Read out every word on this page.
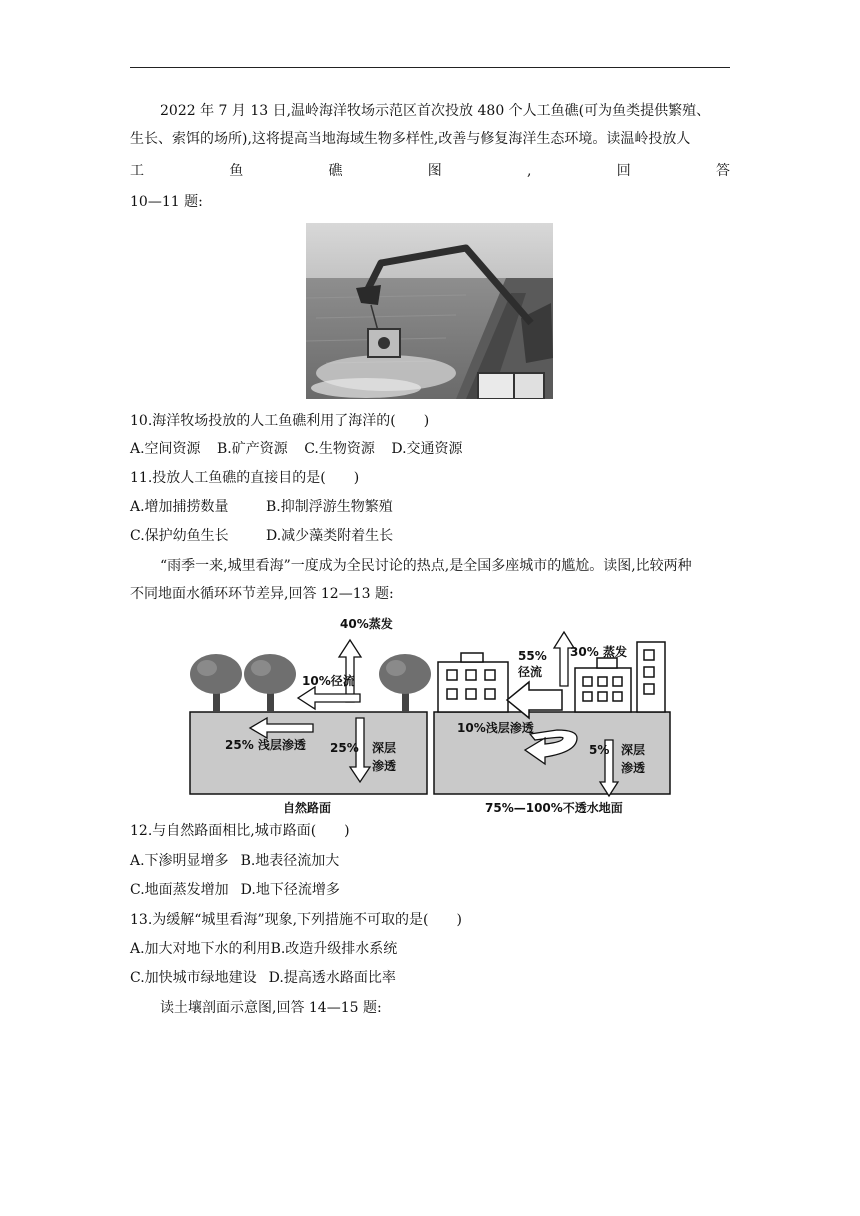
2022 年 7 月 13 日,温岭海洋牧场示范区首次投放 480 个人工鱼礁(可为鱼类提供繁殖、
生长、索饵的场所),这将提高当地海域生物多样性,改善与修复海洋生态环境。读温岭投放人
工	鱼	礁	图	,	回	答
10—11 题:
10.海洋牧场投放的人工鱼礁利用了海洋的(　　)
A.空间资源 B.矿产资源 C.生物资源 D.交通资源
11.投放人工鱼礁的直接目的是(　　)
A.增加捕捞数量	B.抑制浮游生物繁殖
C.保护幼鱼生长	D.减少藻类附着生长
“雨季一来,城里看海”一度成为全民讨论的热点,是全国多座城市的尴尬。读图,比较两种
不同地面水循环环节差异,回答 12—13 题:
40%蒸发
10%径流
25% 浅层渗透 25% 深层
渗透
自然路面
55%
径流
30% 蒸发
10%浅层渗透
5% 深层
渗透
75%—100%不透水地面
12.与自然路面相比,城市路面(　　)
A.下渗明显增多 B.地表径流加大
C.地面蒸发增加 D.地下径流增多
13.为缓解“城里看海”现象,下列措施不可取的是(　　)
A.加大对地下水的利用B.改造升级排水系统
C.加快城市绿地建设 D.提高透水路面比率
读土壤剖面示意图,回答 14—15 题:
